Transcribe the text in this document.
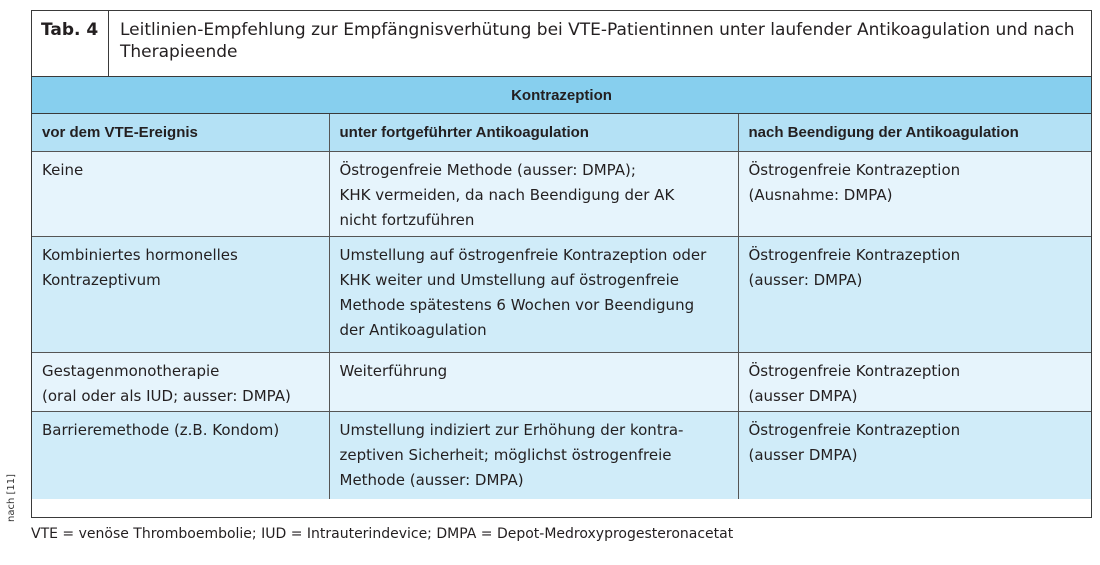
nach [11]
Tab. 4	Leitlinien-Empfehlung zur Empfängnisverhütung bei VTE-Patientinnen unter laufender Antikoagulation und nach Therapieende
Kontrazeption
vor dem VTE-Ereignis	unter fortgeführter Antikoagulation	nach Beendigung der Antikoagulation

Keine	Östrogenfreie Methode (ausser: DMPA);
KHK vermeiden, da nach Beendigung der AK
nicht fortzuführen	Östrogenfreie Kontrazeption
(Ausnahme: DMPA)

Kombiniertes hormonelles
Kontrazeptivum	Umstellung auf östrogenfreie Kontrazeption oder
KHK weiter und Umstellung auf östrogenfreie
Methode spätestens 6 Wochen vor Beendigung
der Antikoagulation	Östrogenfreie Kontrazeption
(ausser: DMPA)

Gestagenmonotherapie
(oral oder als IUD; ausser: DMPA)	Weiterführung	Östrogenfreie Kontrazeption
(ausser DMPA)

Barrieremethode (z.B. Kondom)	Umstellung indiziert zur Erhöhung der kontra-
zeptiven Sicherheit; möglichst östrogenfreie
Methode (ausser: DMPA)	Östrogenfreie Kontrazeption
(ausser DMPA)
VTE = venöse Thromboembolie; IUD = Intrauterindevice; DMPA = Depot-Medroxyprogesteronacetat
